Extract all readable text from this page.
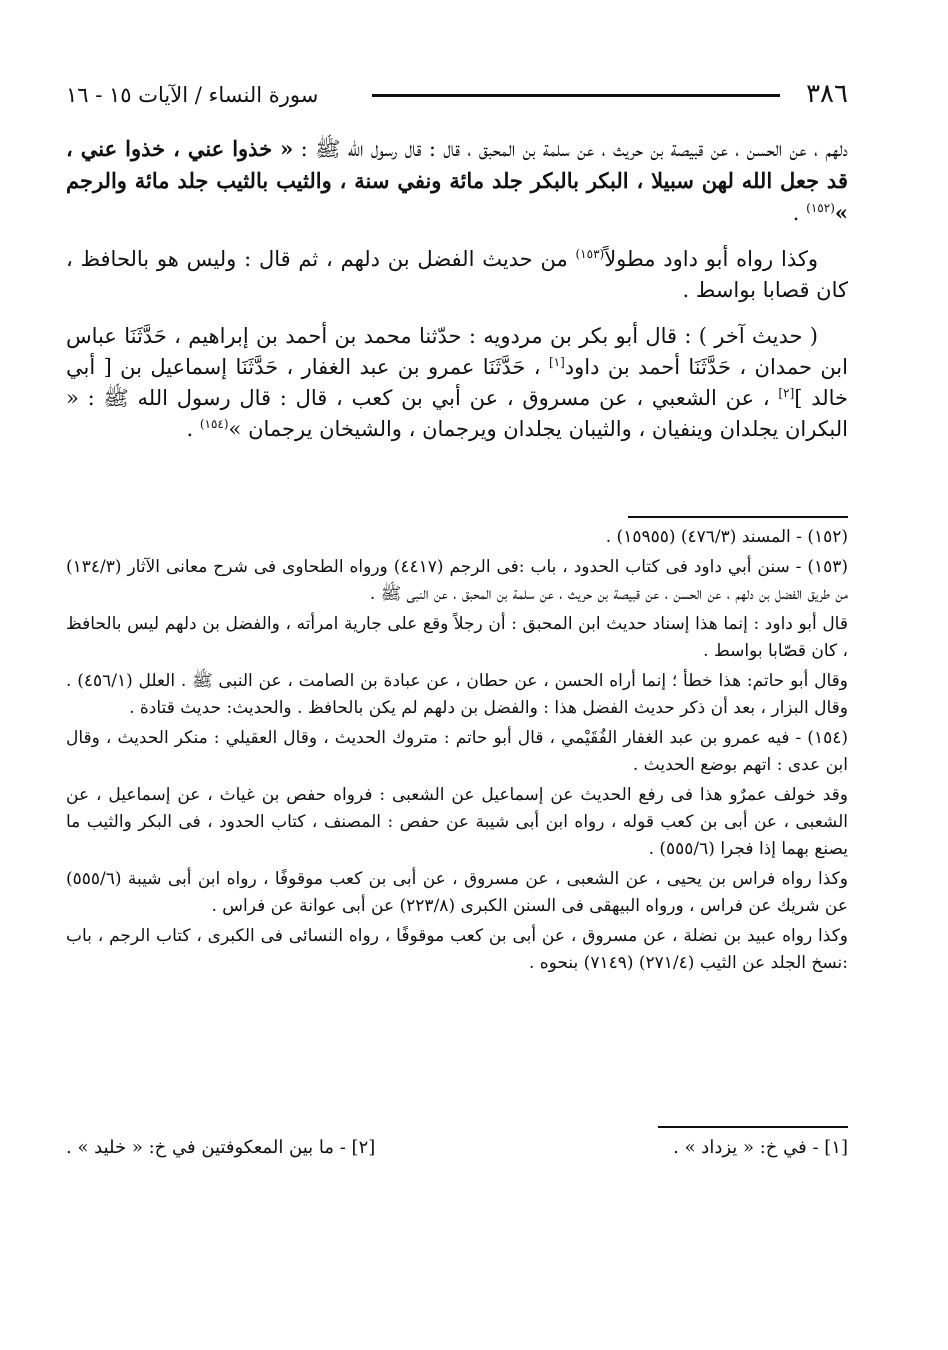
٣٨٦
سورة النساء / الآيات ١٥ - ١٦

دلهم ، عن الحسن ، عن قبيصة بن حريث ، عن سلمة بن المحبق ، قال : قال رسول الله ﷺ : « خذوا عني ، خذوا عني ، قد جعل الله لهن سبيلا ، البكر بالبكر جلد مائة ونفي سنة ، والثيب بالثيب جلد مائة والرجم »$^{(١٥٢)}$ .

وكذا رواه أبو داود مطولاً$^{(١٥٣)}$ من حديث الفضل بن دلهم ، ثم قال : وليس هو بالحافظ ، كان قصابا بواسط .

( حديث آخر ) : قال أبو بكر بن مردويه : حدّثنا محمد بن أحمد بن إبراهيم ، حَدَّثَنَا عباس ابن حمدان ، حَدَّثَنَا أحمد بن داود[١] ، حَدَّثَنَا عمرو بن عبد الغفار ، حَدَّثَنَا إسماعيل بن [ أبي خالد ][٢] ، عن الشعبي ، عن مسروق ، عن أبي بن كعب ، قال : قال رسول الله ﷺ : « البكران يجلدان وينفيان ، والثيبان يجلدان ويرجمان ، والشيخان يرجمان »$^{(١٥٤)}$ .

(١٥٢) - المسند (٤٧٦/٣) (١٥٩٥٥) .

(١٥٣) - سنن أبي داود فى كتاب الحدود ، باب :فى الرجم (٤٤١٧) ورواه الطحاوى فى شرح معانى الآثار (١٣٤/٣) من طريق الفضل بن دلهم ، عن الحسن ، عن قبيصة بن حريث ، عن سلمة بن المحبق ، عن النبى ﷺ .

قال أبو داود : إنما هذا إسناد حديث ابن المحبق : أن رجلاً وقع على جارية امرأته ، والفضل بن دلهم ليس بالحافظ ، كان قصّابا بواسط .

وقال أبو حاتم: هذا خطأ ؛ إنما أراه الحسن ، عن حطان ، عن عبادة بن الصامت ، عن النبى ﷺ . العلل (٤٥٦/١) . وقال البزار ، بعد أن ذكر حديث الفضل هذا : والفضل بن دلهم لم يكن بالحافظ . والحديث: حديث قتادة .

(١٥٤) - فيه عمرو بن عبد الغفار الفُقَيْمي ، قال أبو حاتم : متروك الحديث ، وقال العقيلي : منكر الحديث ، وقال ابن عدى : اتهم بوضع الحديث .

وقد خولف عمرٌو هذا فى رفع الحديث عن إسماعيل عن الشعبى : فرواه حفص بن غياث ، عن إسماعيل ، عن الشعبى ، عن أبى بن كعب قوله ، رواه ابن أبى شيبة عن حفص : المصنف ، كتاب الحدود ، فى البكر والثيب ما يصنع بهما إذا فجرا (٥٥٥/٦) .

وكذا رواه فراس بن يحيى ، عن الشعبى ، عن مسروق ، عن أبى بن كعب موقوفًا ، رواه ابن أبى شيبة (٥٥٥/٦) عن شريك عن فراس ، ورواه البيهقى فى السنن الكبرى (٢٢٣/٨) عن أبى عوانة عن فراس .

وكذا رواه عبيد بن نضلة ، عن مسروق ، عن أبى بن كعب موقوفًا ، رواه النسائى فى الكبرى ، كتاب الرجم ، باب :نسخ الجلد عن الثيب (٢٧١/٤) (٧١٤٩) بنحوه .

[١] - في خ: « يزداد » .
[٢] - ما بين المعكوفتين في خ: « خليد » .
